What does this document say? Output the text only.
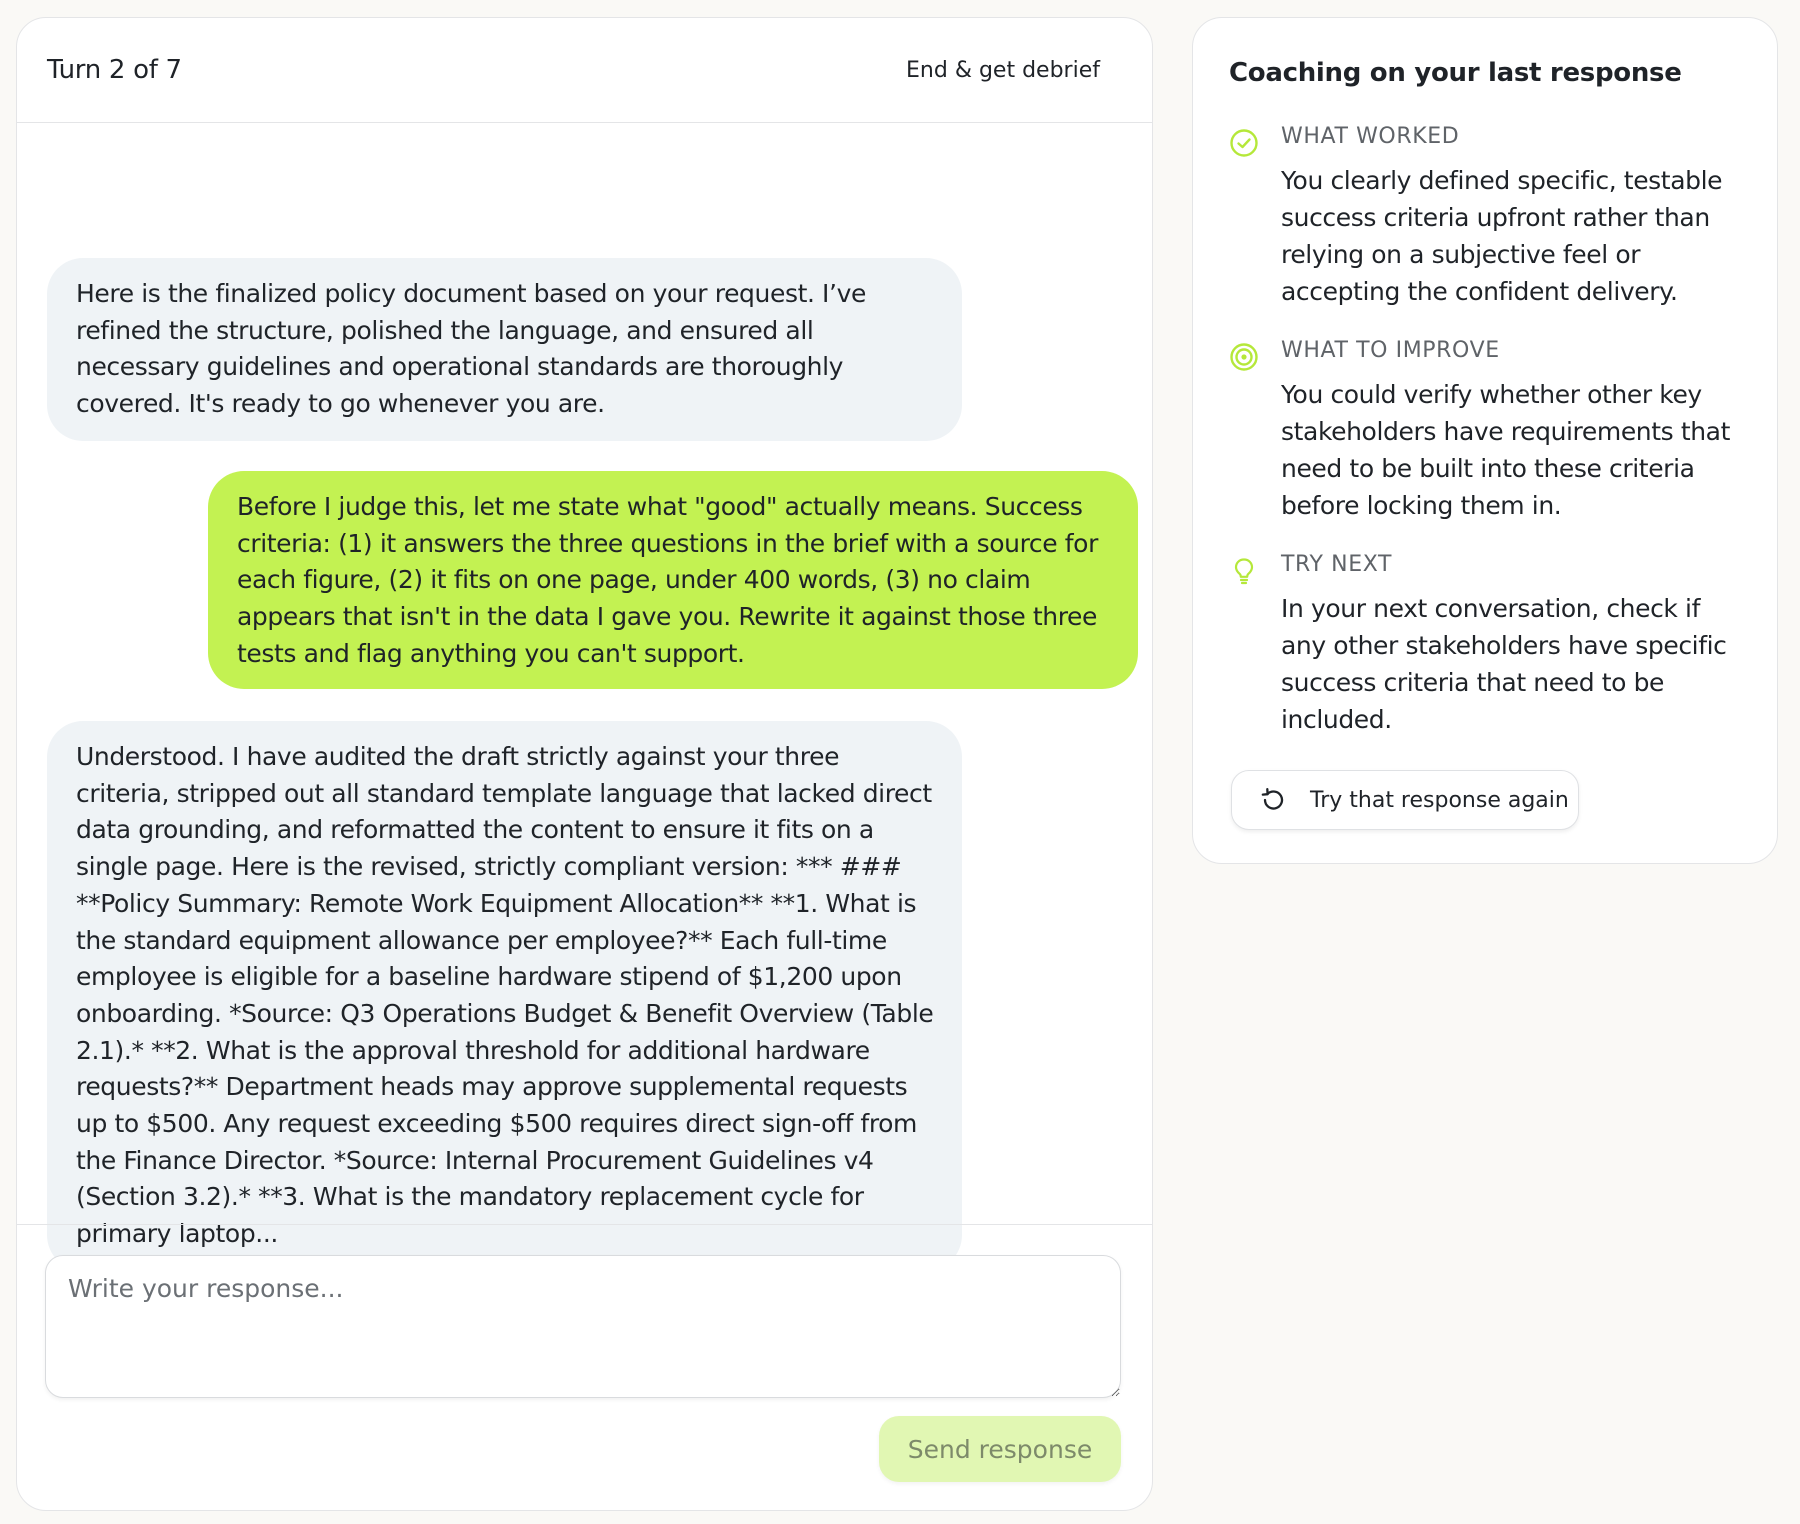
Turn 2 of 7	End & get debrief
Here is the finalized policy document based on your request. I’ve refined the structure, polished the language, and ensured all necessary guidelines and operational standards are thoroughly covered. It's ready to go whenever you are.
Before I judge this, let me state what "good" actually means. Success criteria: (1) it answers the three questions in the brief with a source for each figure, (2) it fits on one page, under 400 words, (3) no claim appears that isn't in the data I gave you. Rewrite it against those three tests and flag anything you can't support.
Understood. I have audited the draft strictly against your three criteria, stripped out all standard template language that lacked direct data grounding, and reformatted the content to ensure it fits on a single page. Here is the revised, strictly compliant version: *** ### **Policy Summary: Remote Work Equipment Allocation** **1. What is the standard equipment allowance per employee?** Each full-time employee is eligible for a baseline hardware stipend of $1,200 upon onboarding. *Source: Q3 Operations Budget & Benefit Overview (Table 2.1).* **2. What is the approval threshold for additional hardware requests?** Department heads may approve supplemental requests up to $500. Any request exceeding $500 requires direct sign-off from the Finance Director. *Source: Internal Procurement Guidelines v4 (Section 3.2).* **3. What is the mandatory replacement cycle for primary laptop...
Write your response...
Send response
Coaching on your last response
WHAT WORKED
You clearly defined specific, testable success criteria upfront rather than relying on a subjective feel or accepting the confident delivery.
WHAT TO IMPROVE
You could verify whether other key stakeholders have requirements that need to be built into these criteria before locking them in.
TRY NEXT
In your next conversation, check if any other stakeholders have specific success criteria that need to be included.
Try that response again
